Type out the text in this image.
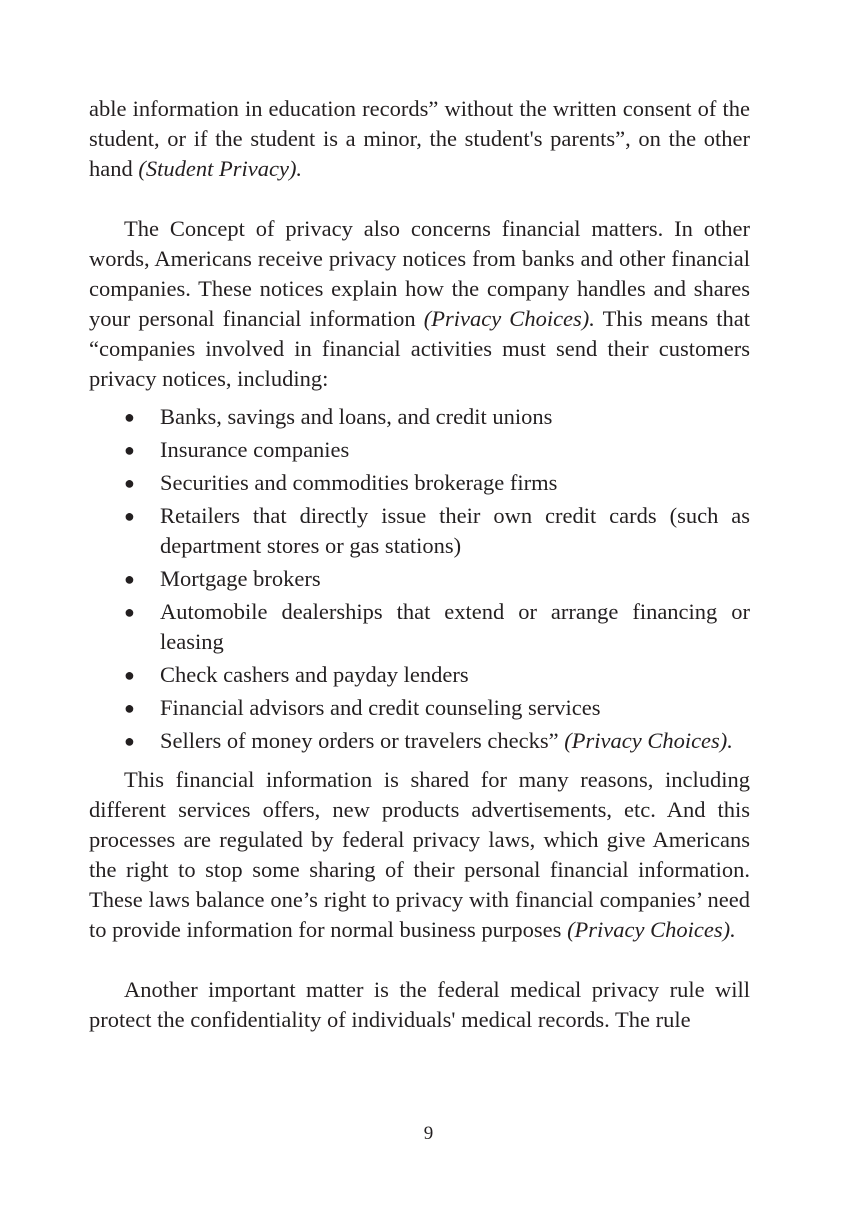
able information in education records” without the written consent of the student, or if the student is a minor, the student's parents”, on the other hand (Student Privacy).

The Concept of privacy also concerns financial matters. In other words, Americans receive privacy notices from banks and other financial companies. These notices explain how the company handles and shares your personal financial information (Privacy Choices). This means that “companies involved in financial activities must send their customers privacy notices, including:

● Banks, savings and loans, and credit unions
● Insurance companies
● Securities and commodities brokerage firms
● Retailers that directly issue their own credit cards (such as department stores or gas stations)
● Mortgage brokers
● Automobile dealerships that extend or arrange financing or leasing
● Check cashers and payday lenders
● Financial advisors and credit counseling services
● Sellers of money orders or travelers checks” (Privacy Choices).

This financial information is shared for many reasons, including different services offers, new products advertisements, etc. And this processes are regulated by federal privacy laws, which give Americans the right to stop some sharing of their personal financial information. These laws balance one’s right to privacy with financial companies’ need to provide information for normal business purposes (Privacy Choices).

Another important matter is the federal medical privacy rule will protect the confidentiality of individuals' medical records. The rule

9
